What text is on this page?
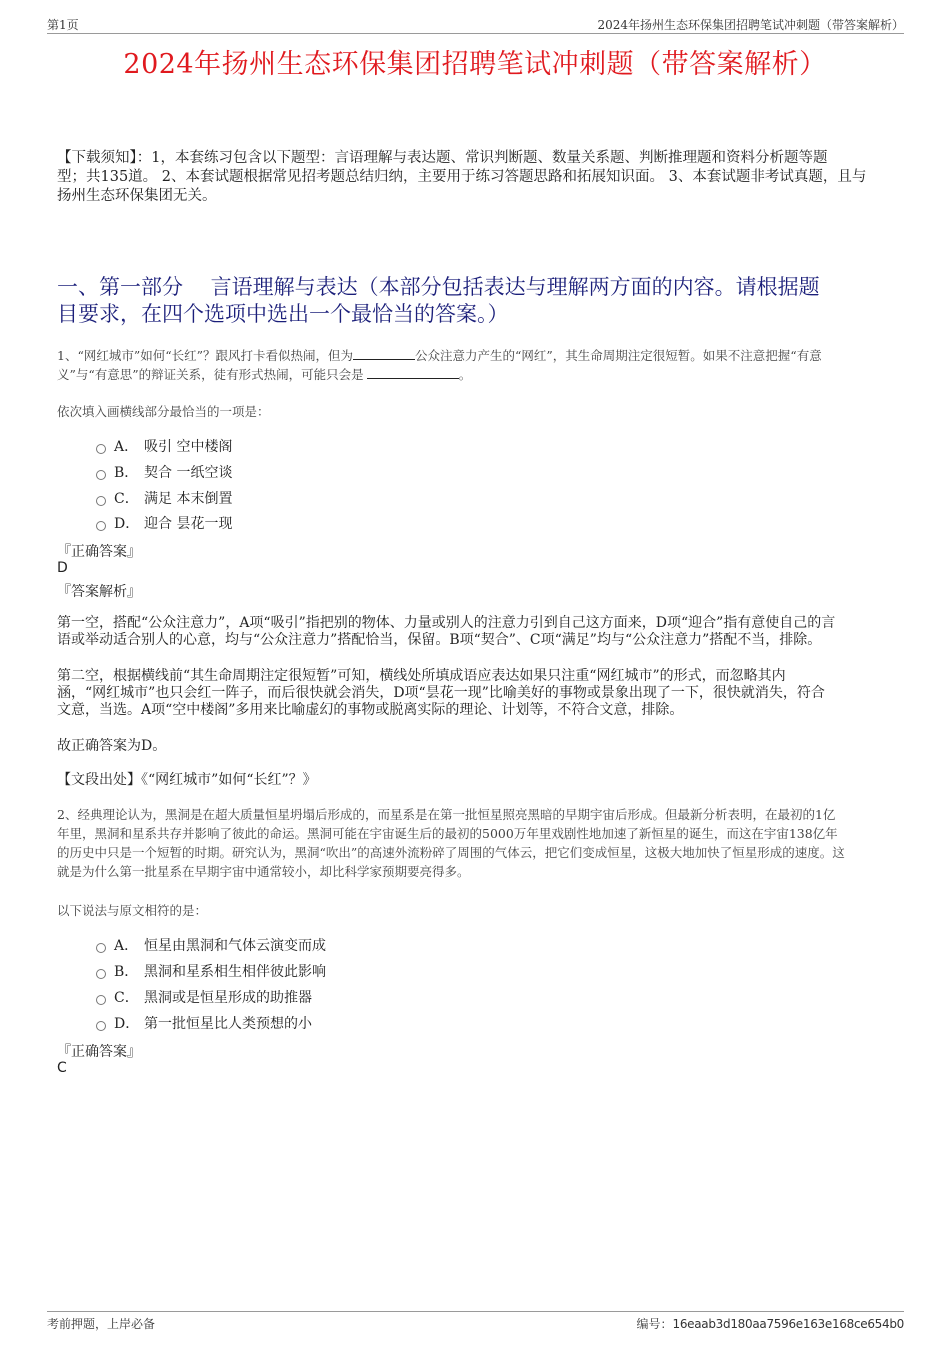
第1页	2024年扬州生态环保集团招聘笔试冲刺题（带答案解析）
2024年扬州生态环保集团招聘笔试冲刺题（带答案解析）
【下载须知】：1，本套练习包含以下题型：言语理解与表达题、常识判断题、数量关系题、判断推理题和资料分析题等题
型；共135道。 2、本套试题根据常见招考题总结归纳，主要用于练习答题思路和拓展知识面。 3、本套试题非考试真题，且与
扬州生态环保集团无关。
一、第一部分　 言语理解与表达（本部分包括表达与理解两方面的内容。请根据题
目要求，在四个选项中选出一个最恰当的答案。）
1、“网红城市”如何“长红”？跟风打卡看似热闹，但为	公众注意力产生的“网红”，其生命周期注定很短暂。如果不注意把握“有意
义”与“有意思”的辩证关系，徒有形式热闹，可能只会是	。
依次填入画横线部分最恰当的一项是：
A． 吸引 空中楼阁
B． 契合 一纸空谈
C． 满足 本末倒置
D． 迎合 昙花一现
『正确答案』
D
『答案解析』
第一空，搭配“公众注意力”，A项“吸引”指把别的物体、力量或别人的注意力引到自己这方面来，D项“迎合”指有意使自己的言
语或举动适合别人的心意，均与“公众注意力”搭配恰当，保留。B项“契合”、C项“满足”均与“公众注意力”搭配不当，排除。
第二空，根据横线前“其生命周期注定很短暂”可知，横线处所填成语应表达如果只注重“网红城市”的形式，而忽略其内
涵，“网红城市”也只会红一阵子，而后很快就会消失，D项“昙花一现”比喻美好的事物或景象出现了一下，很快就消失，符合
文意，当选。A项“空中楼阁”多用来比喻虚幻的事物或脱离实际的理论、计划等，不符合文意，排除。
故正确答案为D。
【文段出处】《“网红城市”如何“长红”？》
2、经典理论认为，黑洞是在超大质量恒星坍塌后形成的，而星系是在第一批恒星照亮黑暗的早期宇宙后形成。但最新分析表明，在最初的1亿
年里，黑洞和星系共存并影响了彼此的命运。黑洞可能在宇宙诞生后的最初的5000万年里戏剧性地加速了新恒星的诞生，而这在宇宙138亿年
的历史中只是一个短暂的时期。研究认为，黑洞“吹出”的高速外流粉碎了周围的气体云，把它们变成恒星，这极大地加快了恒星形成的速度。这
就是为什么第一批星系在早期宇宙中通常较小，却比科学家预期要亮得多。
以下说法与原文相符的是：
A． 恒星由黑洞和气体云演变而成
B． 黑洞和星系相生相伴彼此影响
C． 黑洞或是恒星形成的助推器
D． 第一批恒星比人类预想的小
『正确答案』
C
考前押题，上岸必备	编号：16eaab3d180aa7596e163e168ce654b0
